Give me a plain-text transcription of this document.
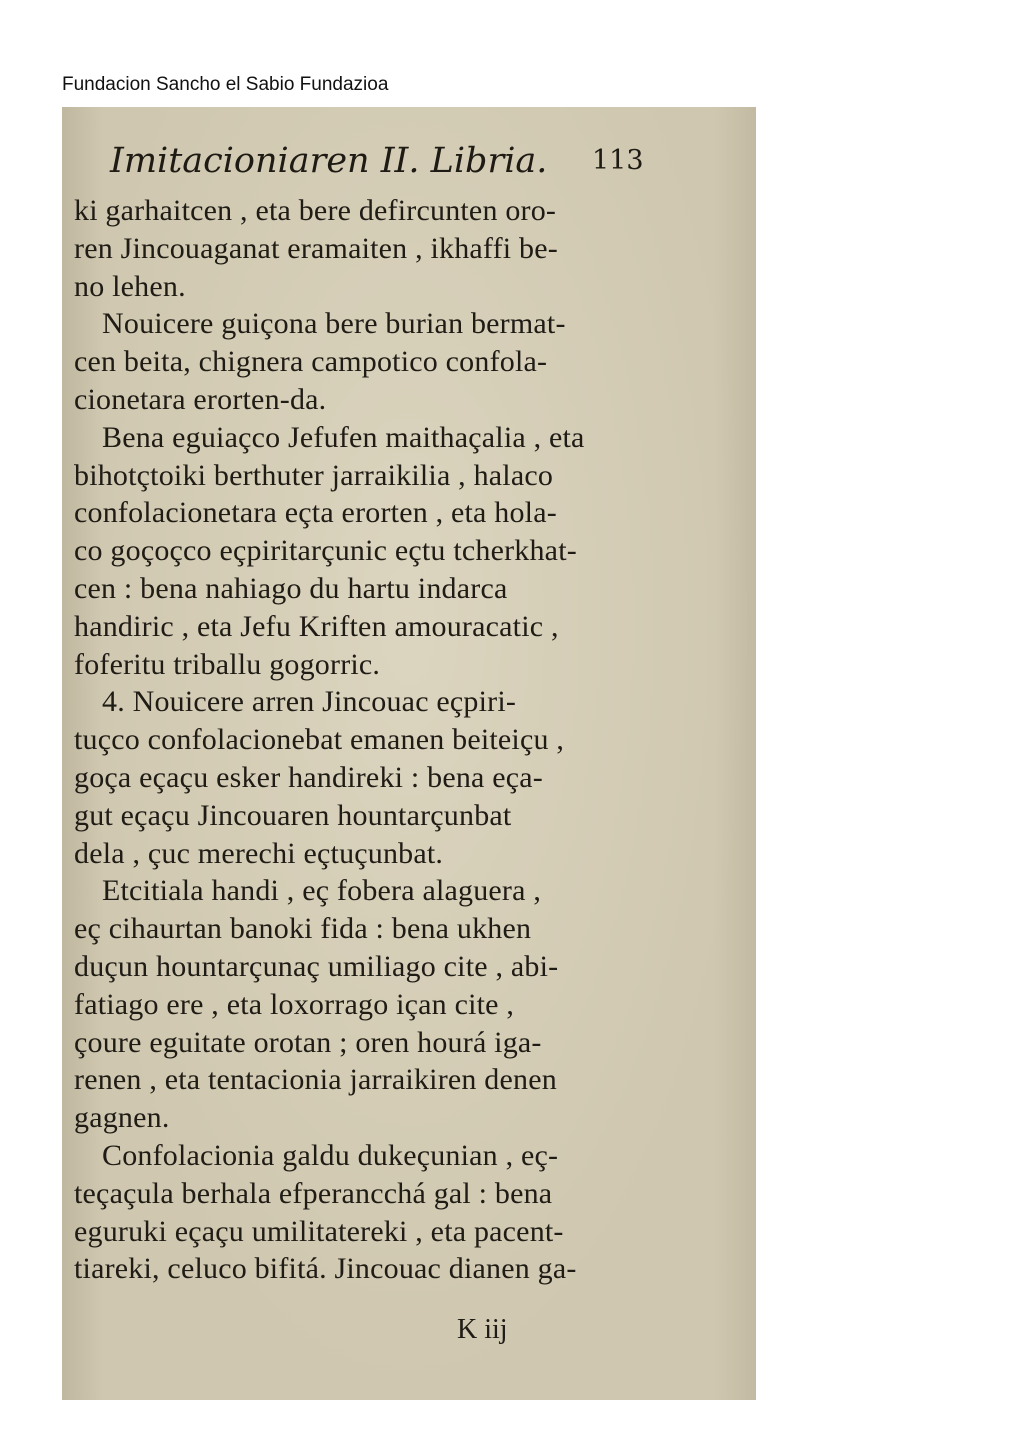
Fundacion Sancho el Sabio Fundazioa
Imitacioniaren II. Libria.	113
ki garhaitcen , eta bere defircunten oro-
ren Jincouaganat eramaiten , ikhaffi be-
no lehen.
Nouicere guiçona bere burian bermat-
cen beita, chignera campotico confola-
cionetara erorten-da.
Bena eguiaçco Jefufen maithaçalia , eta
bihotçtoiki berthuter jarraikilia , halaco
confolacionetara eçta erorten , eta hola-
co goçoçco eçpiritarçunic eçtu tcherkhat-
cen : bena nahiago du hartu indarca
handiric , eta Jefu Kriften amouracatic ,
foferitu triballu gogorric.
4. Nouicere arren Jincouac eçpiri-
tuçco confolacionebat emanen beiteiçu ,
goça eçaçu esker handireki : bena eça-
gut eçaçu Jincouaren hountarçunbat
dela , çuc merechi eçtuçunbat.
Etcitiala handi , eç fobera alaguera ,
eç cihaurtan banoki fida : bena ukhen
duçun hountarçunaç umiliago cite , abi-
fatiago ere , eta loxorrago içan cite ,
çoure eguitate orotan ; oren hourá iga-
renen , eta tentacionia jarraikiren denen
gagnen.
Confolacionia galdu dukeçunian , eç-
teçaçula berhala efperancchá gal : bena
eguruki eçaçu umilitatereki , eta pacent-
tiareki, celuco bifitá. Jincouac dianen ga-
K iij
